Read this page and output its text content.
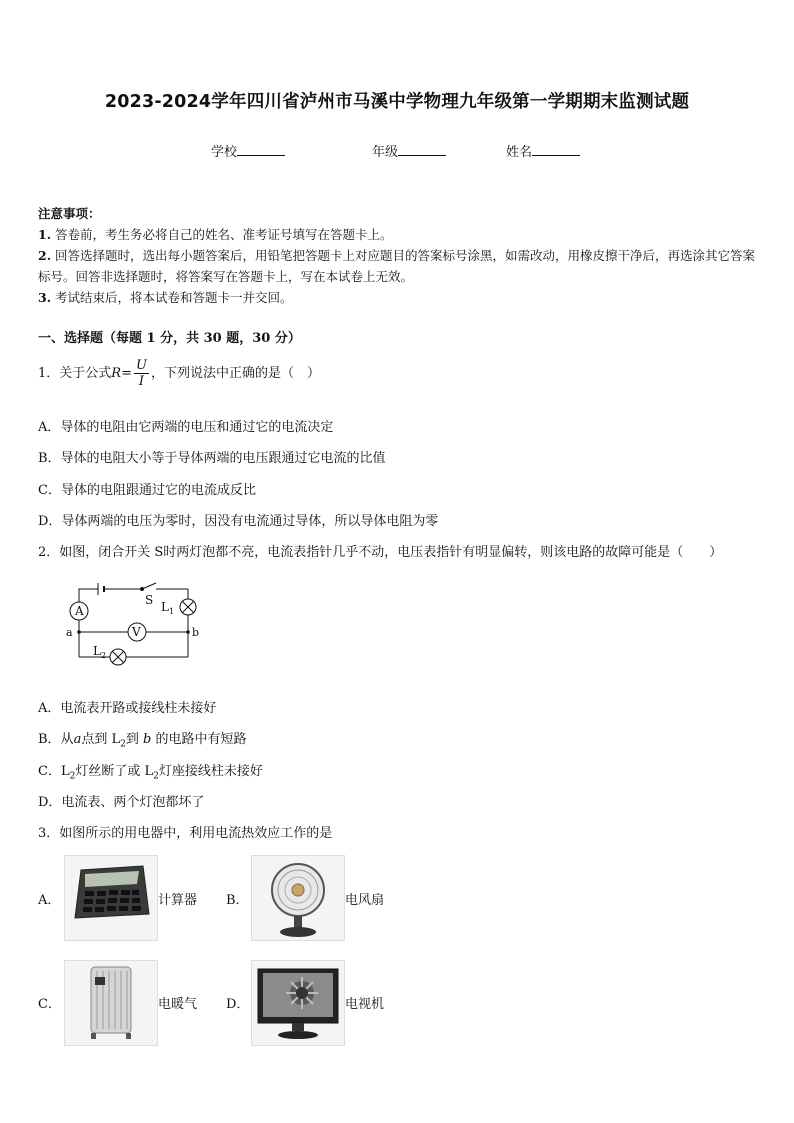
2023-2024学年四川省泸州市马溪中学物理九年级第一学期期末监测试题
学校	年级	姓名
注意事项：
1. 答卷前，考生务必将自己的姓名、准考证号填写在答题卡上。
2. 回答选择题时，选出每小题答案后，用铅笔把答题卡上对应题目的答案标号涂黑，如需改动，用橡皮擦干净后，再选涂其它答案标号。回答非选择题时，将答案写在答题卡上，写在本试卷上无效。
3. 考试结束后，将本试卷和答题卡一并交回。
一、选择题（每题 1 分，共 30 题，30 分）
1．关于公式$R= \frac{U}{I}$ ，下列说法中正确的是（　）
A．导体的电阻由它两端的电压和通过它的电流决定
B．导体的电阻大小等于导体两端的电压跟通过它电流的比值
C．导体的电阻跟通过它的电流成反比
D．导体两端的电压为零时，因没有电流通过导体，所以导体电阻为零
2．如图，闭合开关 S时两灯泡都不亮，电流表指针几乎不动，电压表指针有明显偏转，则该电路的故障可能是（　　）
A
V
S $L_1$
$L_2$
a	b
A．电流表开路或接线柱未接好
B．从a点到 $L_2$到 b 的电路中有短路
C．$L_2$灯丝断了或 $L_2$灯座接线柱未接好
D．电流表、两个灯泡都坏了
3．如图所示的用电器中，利用电流热效应工作的是
A．	计算器 B．	电风扇
C．	电暖气 D．	电视机
